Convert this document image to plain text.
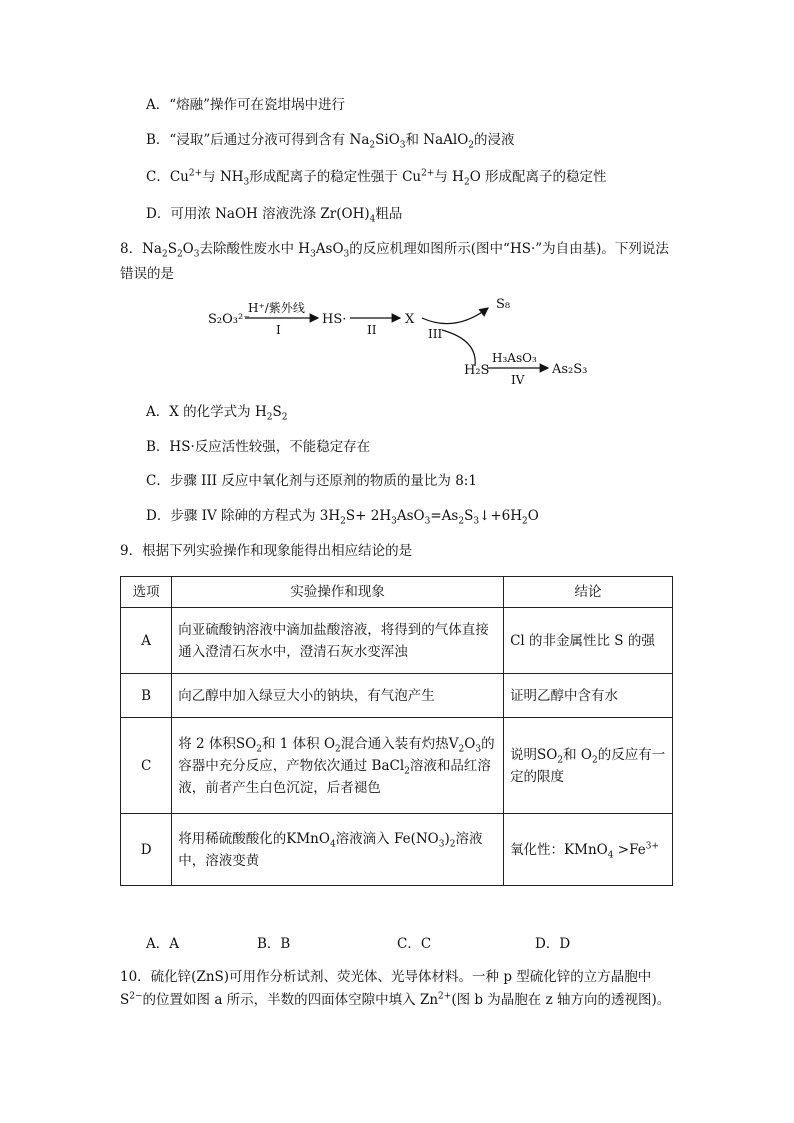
A．“熔融”操作可在瓷坩埚中进行
B．“浸取”后通过分液可得到含有 $Na_2SiO_3$和 NaAlO$_2$的浸液
C．$Cu^{2+}$与 $NH_3$形成配离子的稳定性强于 $Cu^{2+}$与 $H_2O$ 形成配离子的稳定性
D．可用浓 NaOH 溶液洗涤 $Zr(OH)_4$粗品
8．$Na_2S_2O_3$去除酸性废水中 $H_3AsO_3$的反应机理如图所示(图中“HS·”为自由基)。下列说法
错误的是
S₂O₃²⁻
H⁺/紫外线
I
HS·
II
X
S₈
III
H₂S
H₃AsO₃
IV
As₂S₃
A．X 的化学式为 $H_2S_2$
B．HS·反应活性较强，不能稳定存在
C．步骤 III 反应中氧化剂与还原剂的物质的量比为 8:1
D．步骤 IV 除砷的方程式为 $3H_2S+$ $2H_3AsO_3=As_2S_3↓+6H_2O$
9．根据下列实验操作和现象能得出相应结论的是
选项	实验操作和现象	结论
A	向亚硫酸钠溶液中滴加盐酸溶液，将得到的气体直接通入澄清石灰水中，澄清石灰水变浑浊	Cl 的非金属性比 S 的强
B	向乙醇中加入绿豆大小的钠块，有气泡产生	证明乙醇中含有水
C	将 2 体积$SO_2$和 1 体积 $O_2$混合通入装有灼热$V_2O_3$的容器中充分反应，产物依次通过 BaCl$_2$溶液和品红溶液，前者产生白色沉淀，后者褪色	说明$SO_2$和 $O_2$的反应有一定的限度
D	将用稀硫酸酸化的KMnO$_4$溶液滴入 $Fe(NO_3)_2$溶液中，溶液变黄	氧化性：KMnO$_4$ $>Fe^{3+}$
A．A	B．B	C．C	D．D
10．硫化锌(ZnS)可用作分析试剂、荧光体、光导体材料。一种 p 型硫化锌的立方晶胞中
$S^{2-}$的位置如图 a 所示，半数的四面体空隙中填入 $Zn^{2+}$(图 b 为晶胞在 z 轴方向的透视图)。
